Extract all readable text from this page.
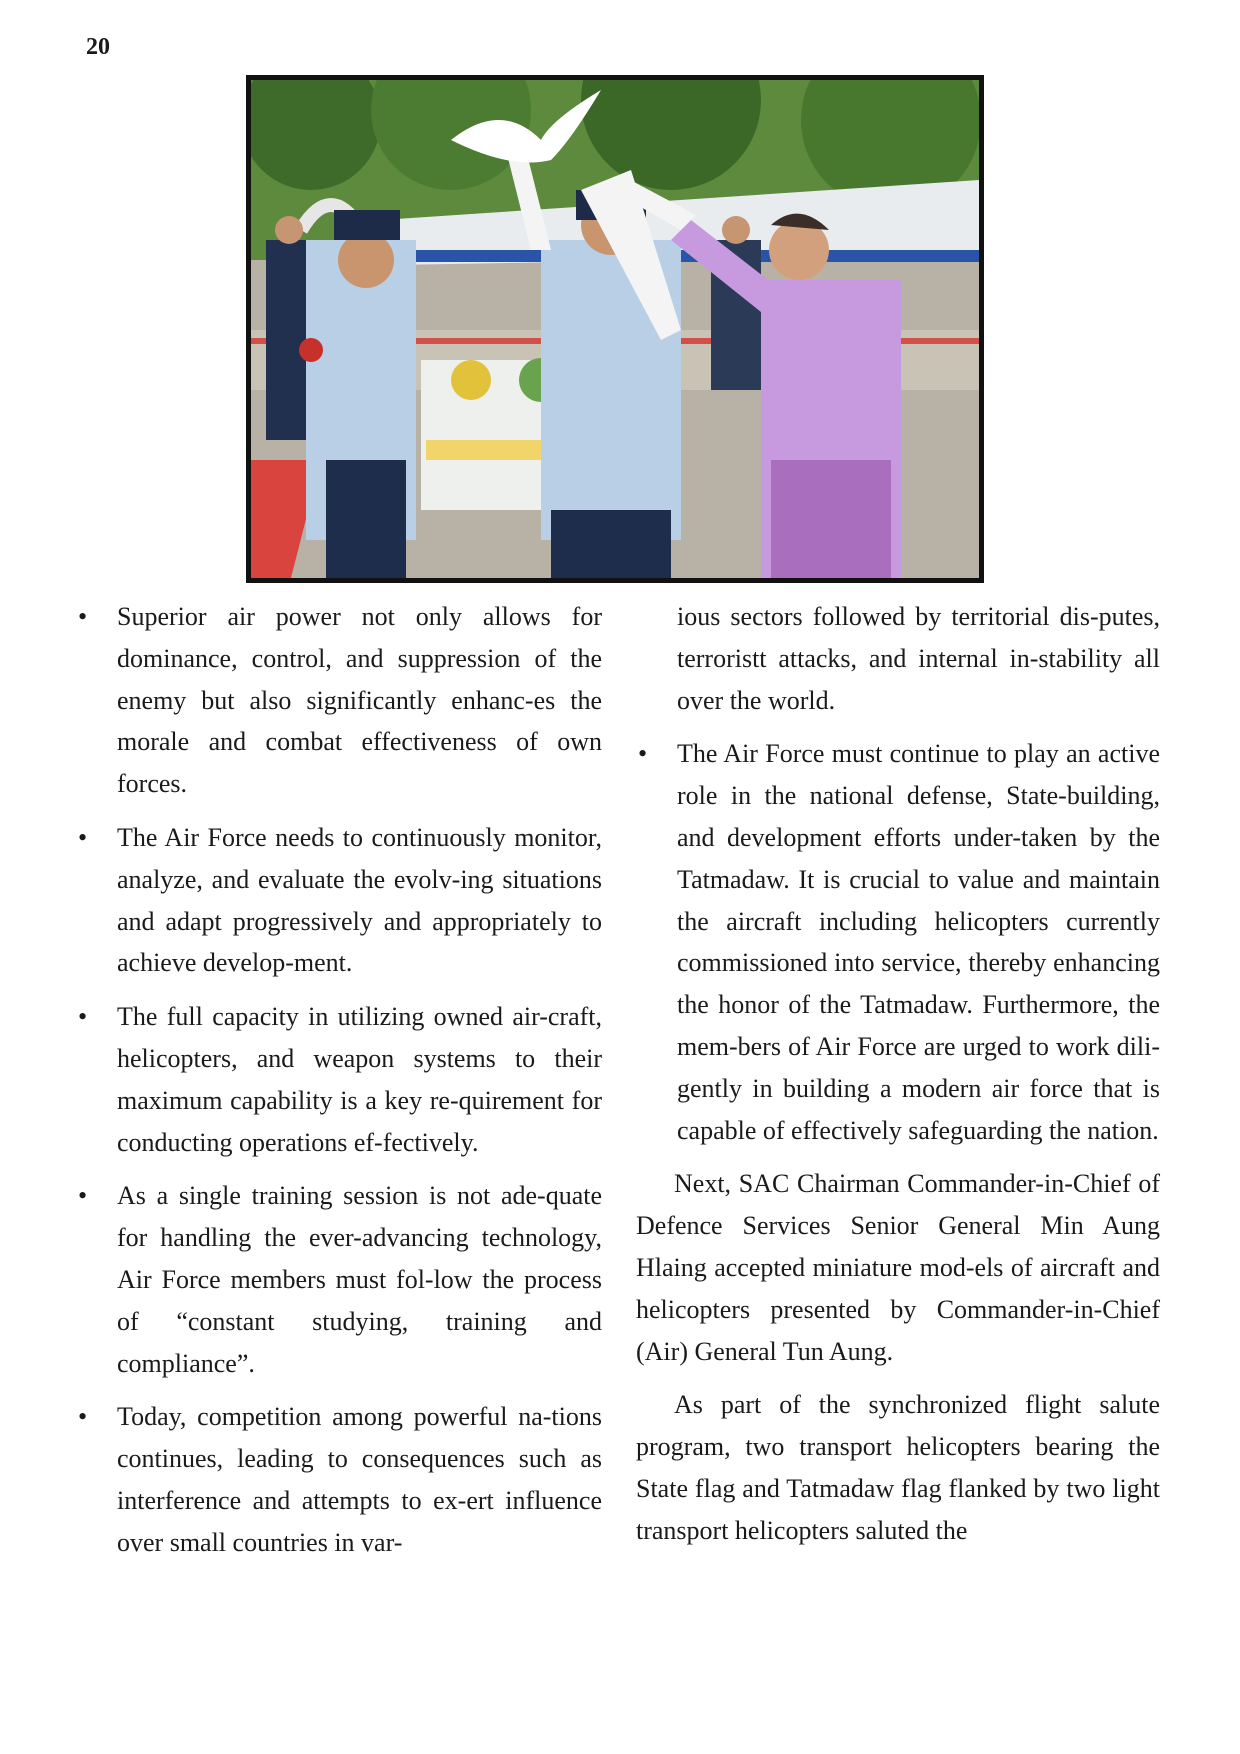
20
• Superior air power not only allows for dominance, control, and suppression of the enemy but also significantly enhanc-es the morale and combat effectiveness of own forces.
• The Air Force needs to continuously monitor, analyze, and evaluate the evolv-ing situations and adapt progressively and appropriately to achieve develop-ment.
• The full capacity in utilizing owned air-craft, helicopters, and weapon systems to their maximum capability is a key re-quirement for conducting operations ef-fectively.
• As a single training session is not ade-quate for handling the ever-advancing technology, Air Force members must fol-low the process of “constant studying, training and compliance”.
• Today, competition among powerful na-tions continues, leading to consequences such as interference and attempts to ex-ert influence over small countries in var-

ious sectors followed by territorial dis-putes, terroristt attacks, and internal in-stability all over the world.

• The Air Force must continue to play an active role in the national defense, State-building, and development efforts under-taken by the Tatmadaw. It is crucial to value and maintain the aircraft including helicopters currently commissioned into service, thereby enhancing the honor of the Tatmadaw. Furthermore, the mem-bers of Air Force are urged to work dili-gently in building a modern air force that is capable of effectively safeguarding the nation.

Next, SAC Chairman Commander-in-Chief of Defence Services Senior General Min Aung Hlaing accepted miniature mod-els of aircraft and helicopters presented by Commander-in-Chief (Air) General Tun Aung.

As part of the synchronized flight salute program, two transport helicopters bearing the State flag and Tatmadaw flag flanked by two light transport helicopters saluted the
